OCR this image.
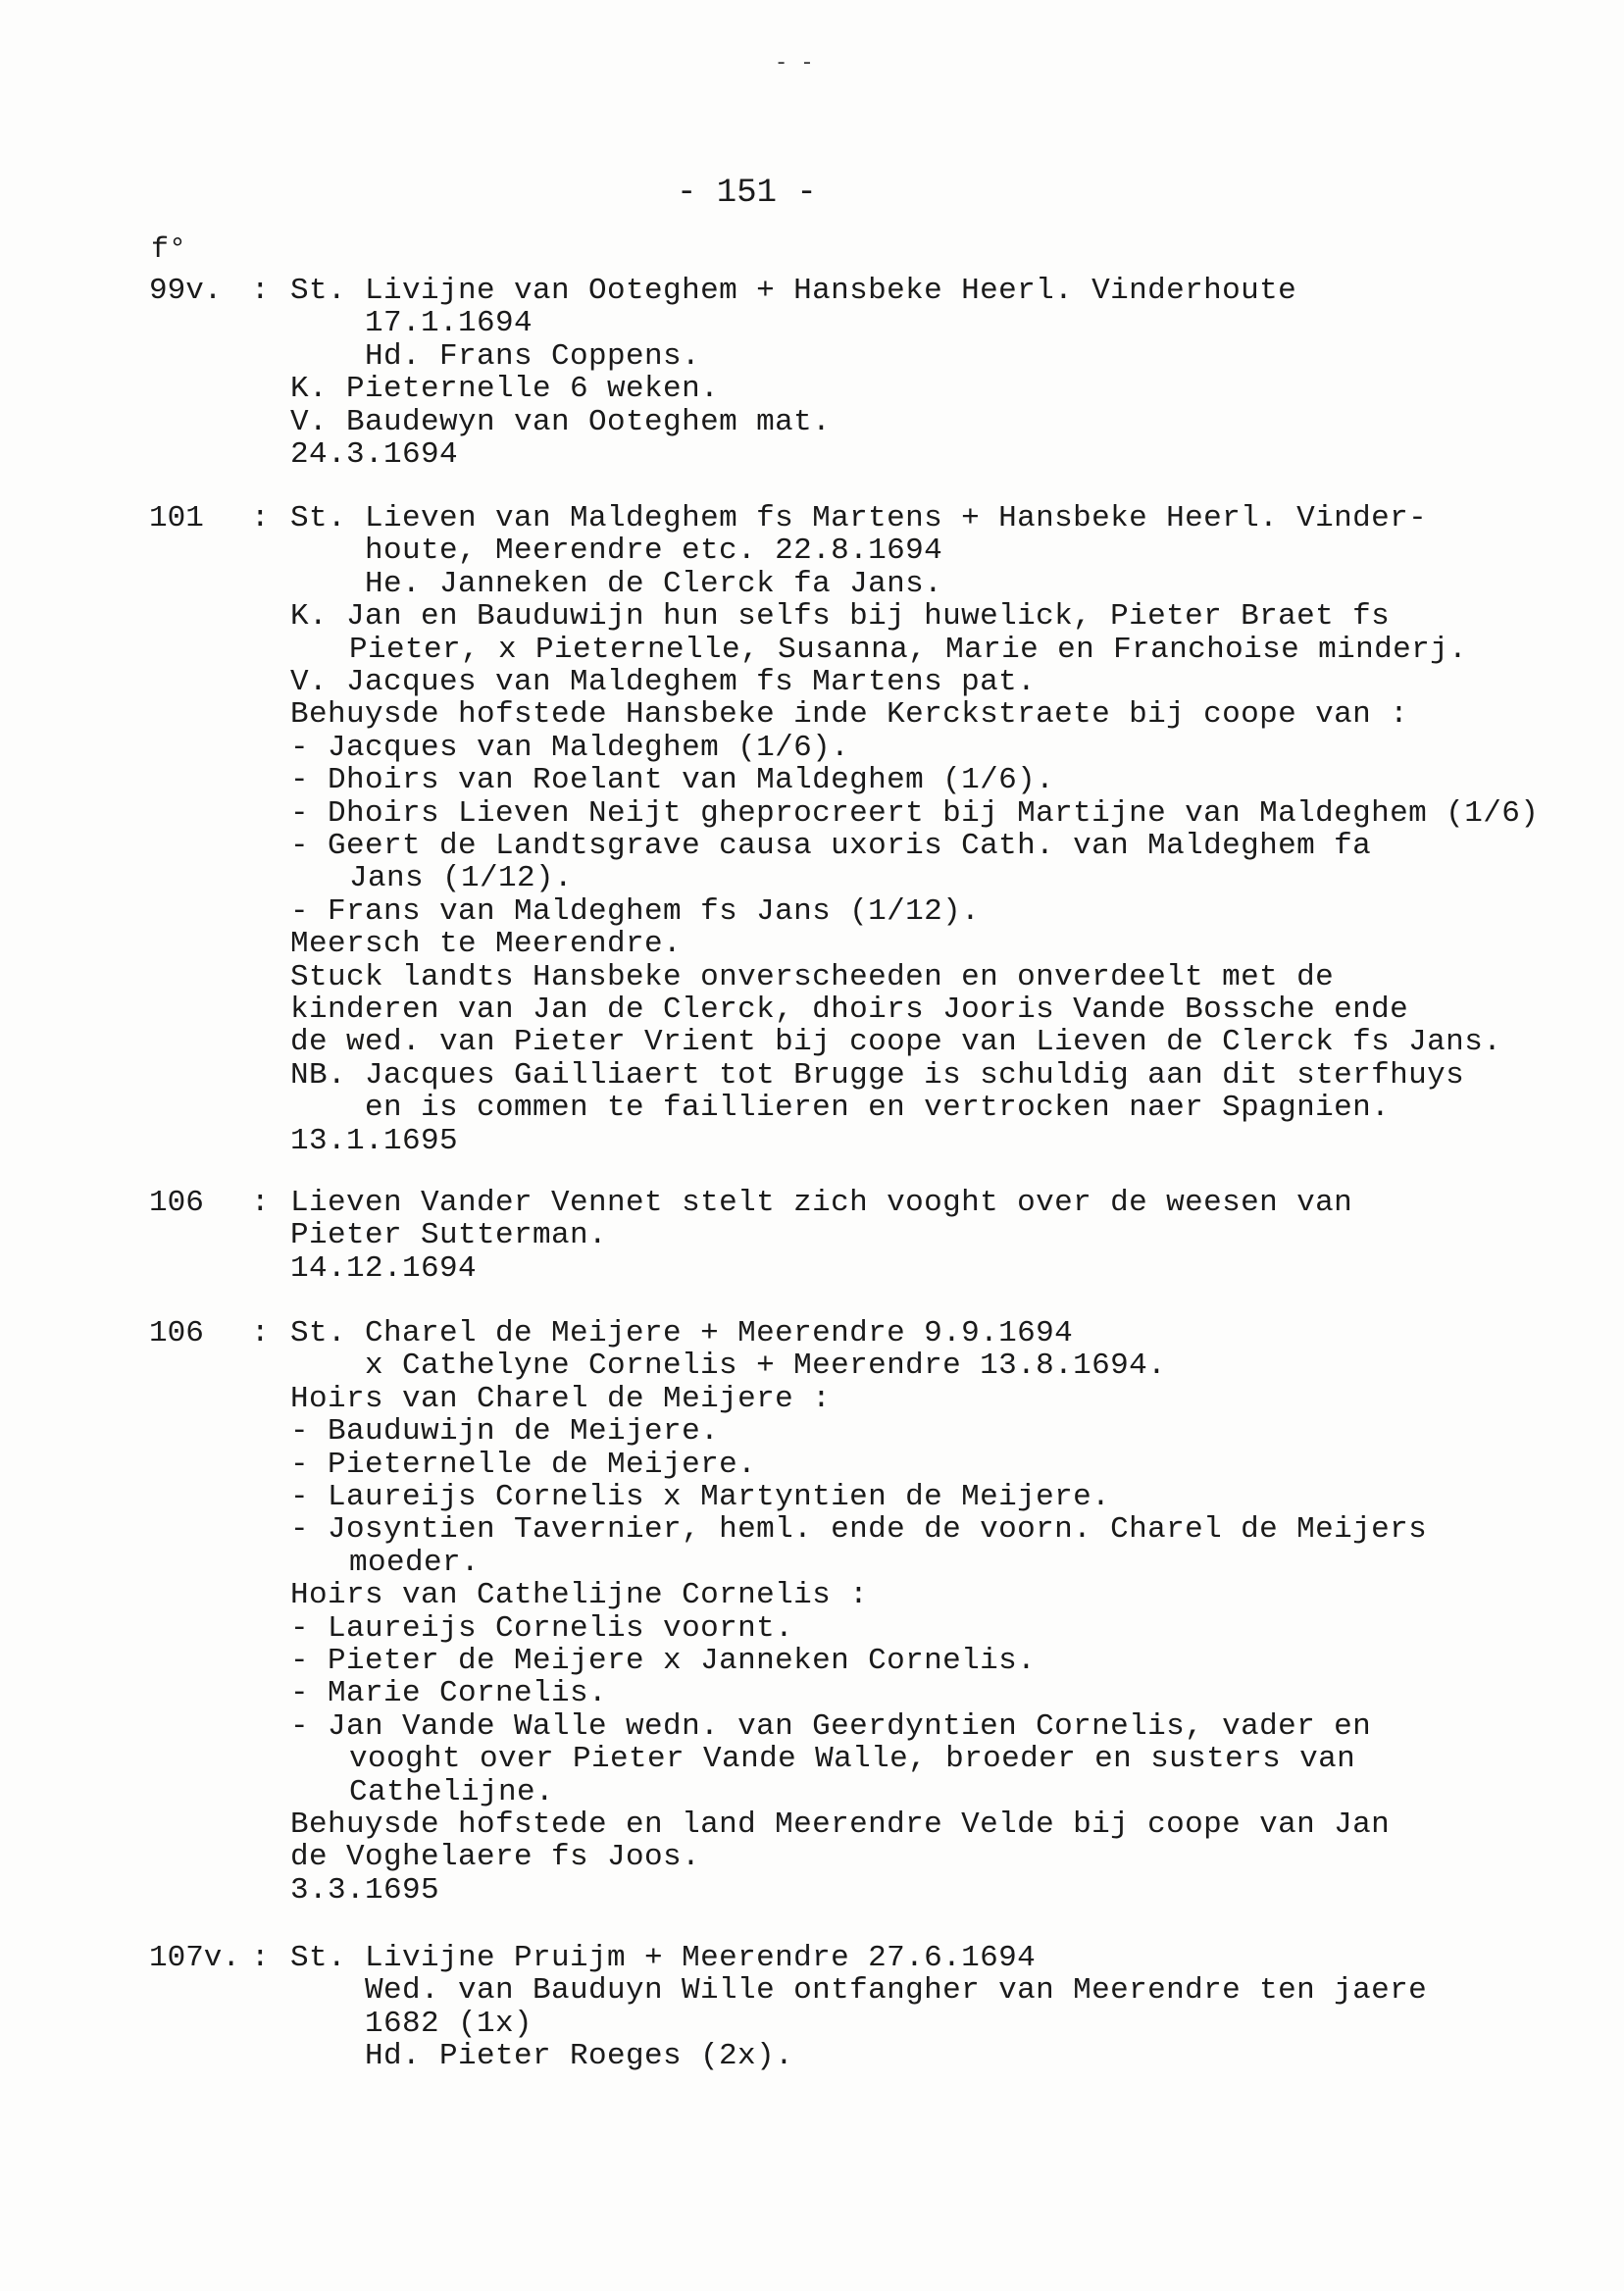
- -
- 151 -
f°
99v. : St. Livijne van Ooteghem + Hansbeke Heerl. Vinderhoute
17.1.1694
Hd. Frans Coppens.
K. Pieternelle 6 weken.
V. Baudewyn van Ooteghem mat.
24.3.1694
101 : St. Lieven van Maldeghem fs Martens + Hansbeke Heerl. Vinder-
houte, Meerendre etc. 22.8.1694
He. Janneken de Clerck fa Jans.
K. Jan en Bauduwijn hun selfs bij huwelick, Pieter Braet fs
Pieter, x Pieternelle, Susanna, Marie en Franchoise minderj.
V. Jacques van Maldeghem fs Martens pat.
Behuysde hofstede Hansbeke inde Kerckstraete bij coope van :
- Jacques van Maldeghem (1/6).
- Dhoirs van Roelant van Maldeghem (1/6).
- Dhoirs Lieven Neijt gheprocreert bij Martijne van Maldeghem (1/6)
- Geert de Landtsgrave causa uxoris Cath. van Maldeghem fa
Jans (1/12).
- Frans van Maldeghem fs Jans (1/12).
Meersch te Meerendre.
Stuck landts Hansbeke onverscheeden en onverdeelt met de
kinderen van Jan de Clerck, dhoirs Jooris Vande Bossche ende
de wed. van Pieter Vrient bij coope van Lieven de Clerck fs Jans.
NB. Jacques Gailliaert tot Brugge is schuldig aan dit sterfhuys
en is commen te faillieren en vertrocken naer Spagnien.
13.1.1695
106 : Lieven Vander Vennet stelt zich vooght over de weesen van
Pieter Sutterman.
14.12.1694
106 : St. Charel de Meijere + Meerendre 9.9.1694
x Cathelyne Cornelis + Meerendre 13.8.1694.
Hoirs van Charel de Meijere :
- Bauduwijn de Meijere.
- Pieternelle de Meijere.
- Laureijs Cornelis x Martyntien de Meijere.
- Josyntien Tavernier, heml. ende de voorn. Charel de Meijers
moeder.
Hoirs van Cathelijne Cornelis :
- Laureijs Cornelis voornt.
- Pieter de Meijere x Janneken Cornelis.
- Marie Cornelis.
- Jan Vande Walle wedn. van Geerdyntien Cornelis, vader en
vooght over Pieter Vande Walle, broeder en susters van
Cathelijne.
Behuysde hofstede en land Meerendre Velde bij coope van Jan
de Voghelaere fs Joos.
3.3.1695
107v. : St. Livijne Pruijm + Meerendre 27.6.1694
Wed. van Bauduyn Wille ontfangher van Meerendre ten jaere
1682 (1x)
Hd. Pieter Roeges (2x).
